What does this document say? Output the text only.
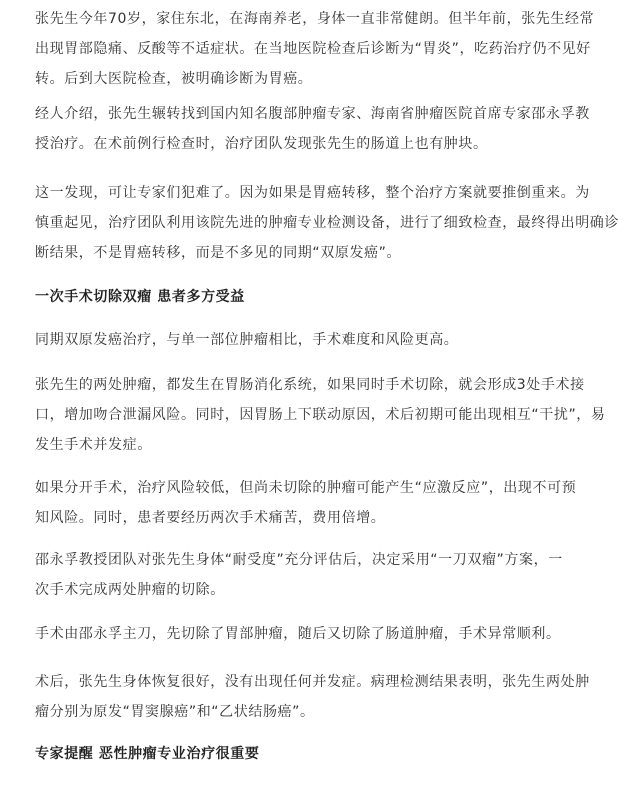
张先生今年70岁，家住东北，在海南养老，身体一直非常健朗。但半年前，张先生经常
出现胃部隐痛、反酸等不适症状。在当地医院检查后诊断为“胃炎”，吃药治疗仍不见好
转。后到大医院检查，被明确诊断为胃癌。
经人介绍，张先生辗转找到国内知名腹部肿瘤专家、海南省肿瘤医院首席专家邵永孚教
授治疗。在术前例行检查时，治疗团队发现张先生的肠道上也有肿块。
这一发现，可让专家们犯难了。因为如果是胃癌转移，整个治疗方案就要推倒重来。为
慎重起见，治疗团队利用该院先进的肿瘤专业检测设备，进行了细致检查，最终得出明确诊
断结果，不是胃癌转移，而是不多见的同期“双原发癌”。
一次手术切除双瘤 患者多方受益
同期双原发癌治疗，与单一部位肿瘤相比，手术难度和风险更高。
张先生的两处肿瘤，都发生在胃肠消化系统，如果同时手术切除，就会形成3处手术接
口，增加吻合泄漏风险。同时，因胃肠上下联动原因，术后初期可能出现相互“干扰”，易
发生手术并发症。
如果分开手术，治疗风险较低，但尚未切除的肿瘤可能产生“应激反应”，出现不可预
知风险。同时，患者要经历两次手术痛苦，费用倍增。
邵永孚教授团队对张先生身体“耐受度”充分评估后，决定采用“一刀双瘤”方案，一
次手术完成两处肿瘤的切除。
手术由邵永孚主刀，先切除了胃部肿瘤，随后又切除了肠道肿瘤，手术异常顺利。
术后，张先生身体恢复很好，没有出现任何并发症。病理检测结果表明，张先生两处肿
瘤分别为原发“胃窦腺癌”和“乙状结肠癌”。
专家提醒 恶性肿瘤专业治疗很重要
